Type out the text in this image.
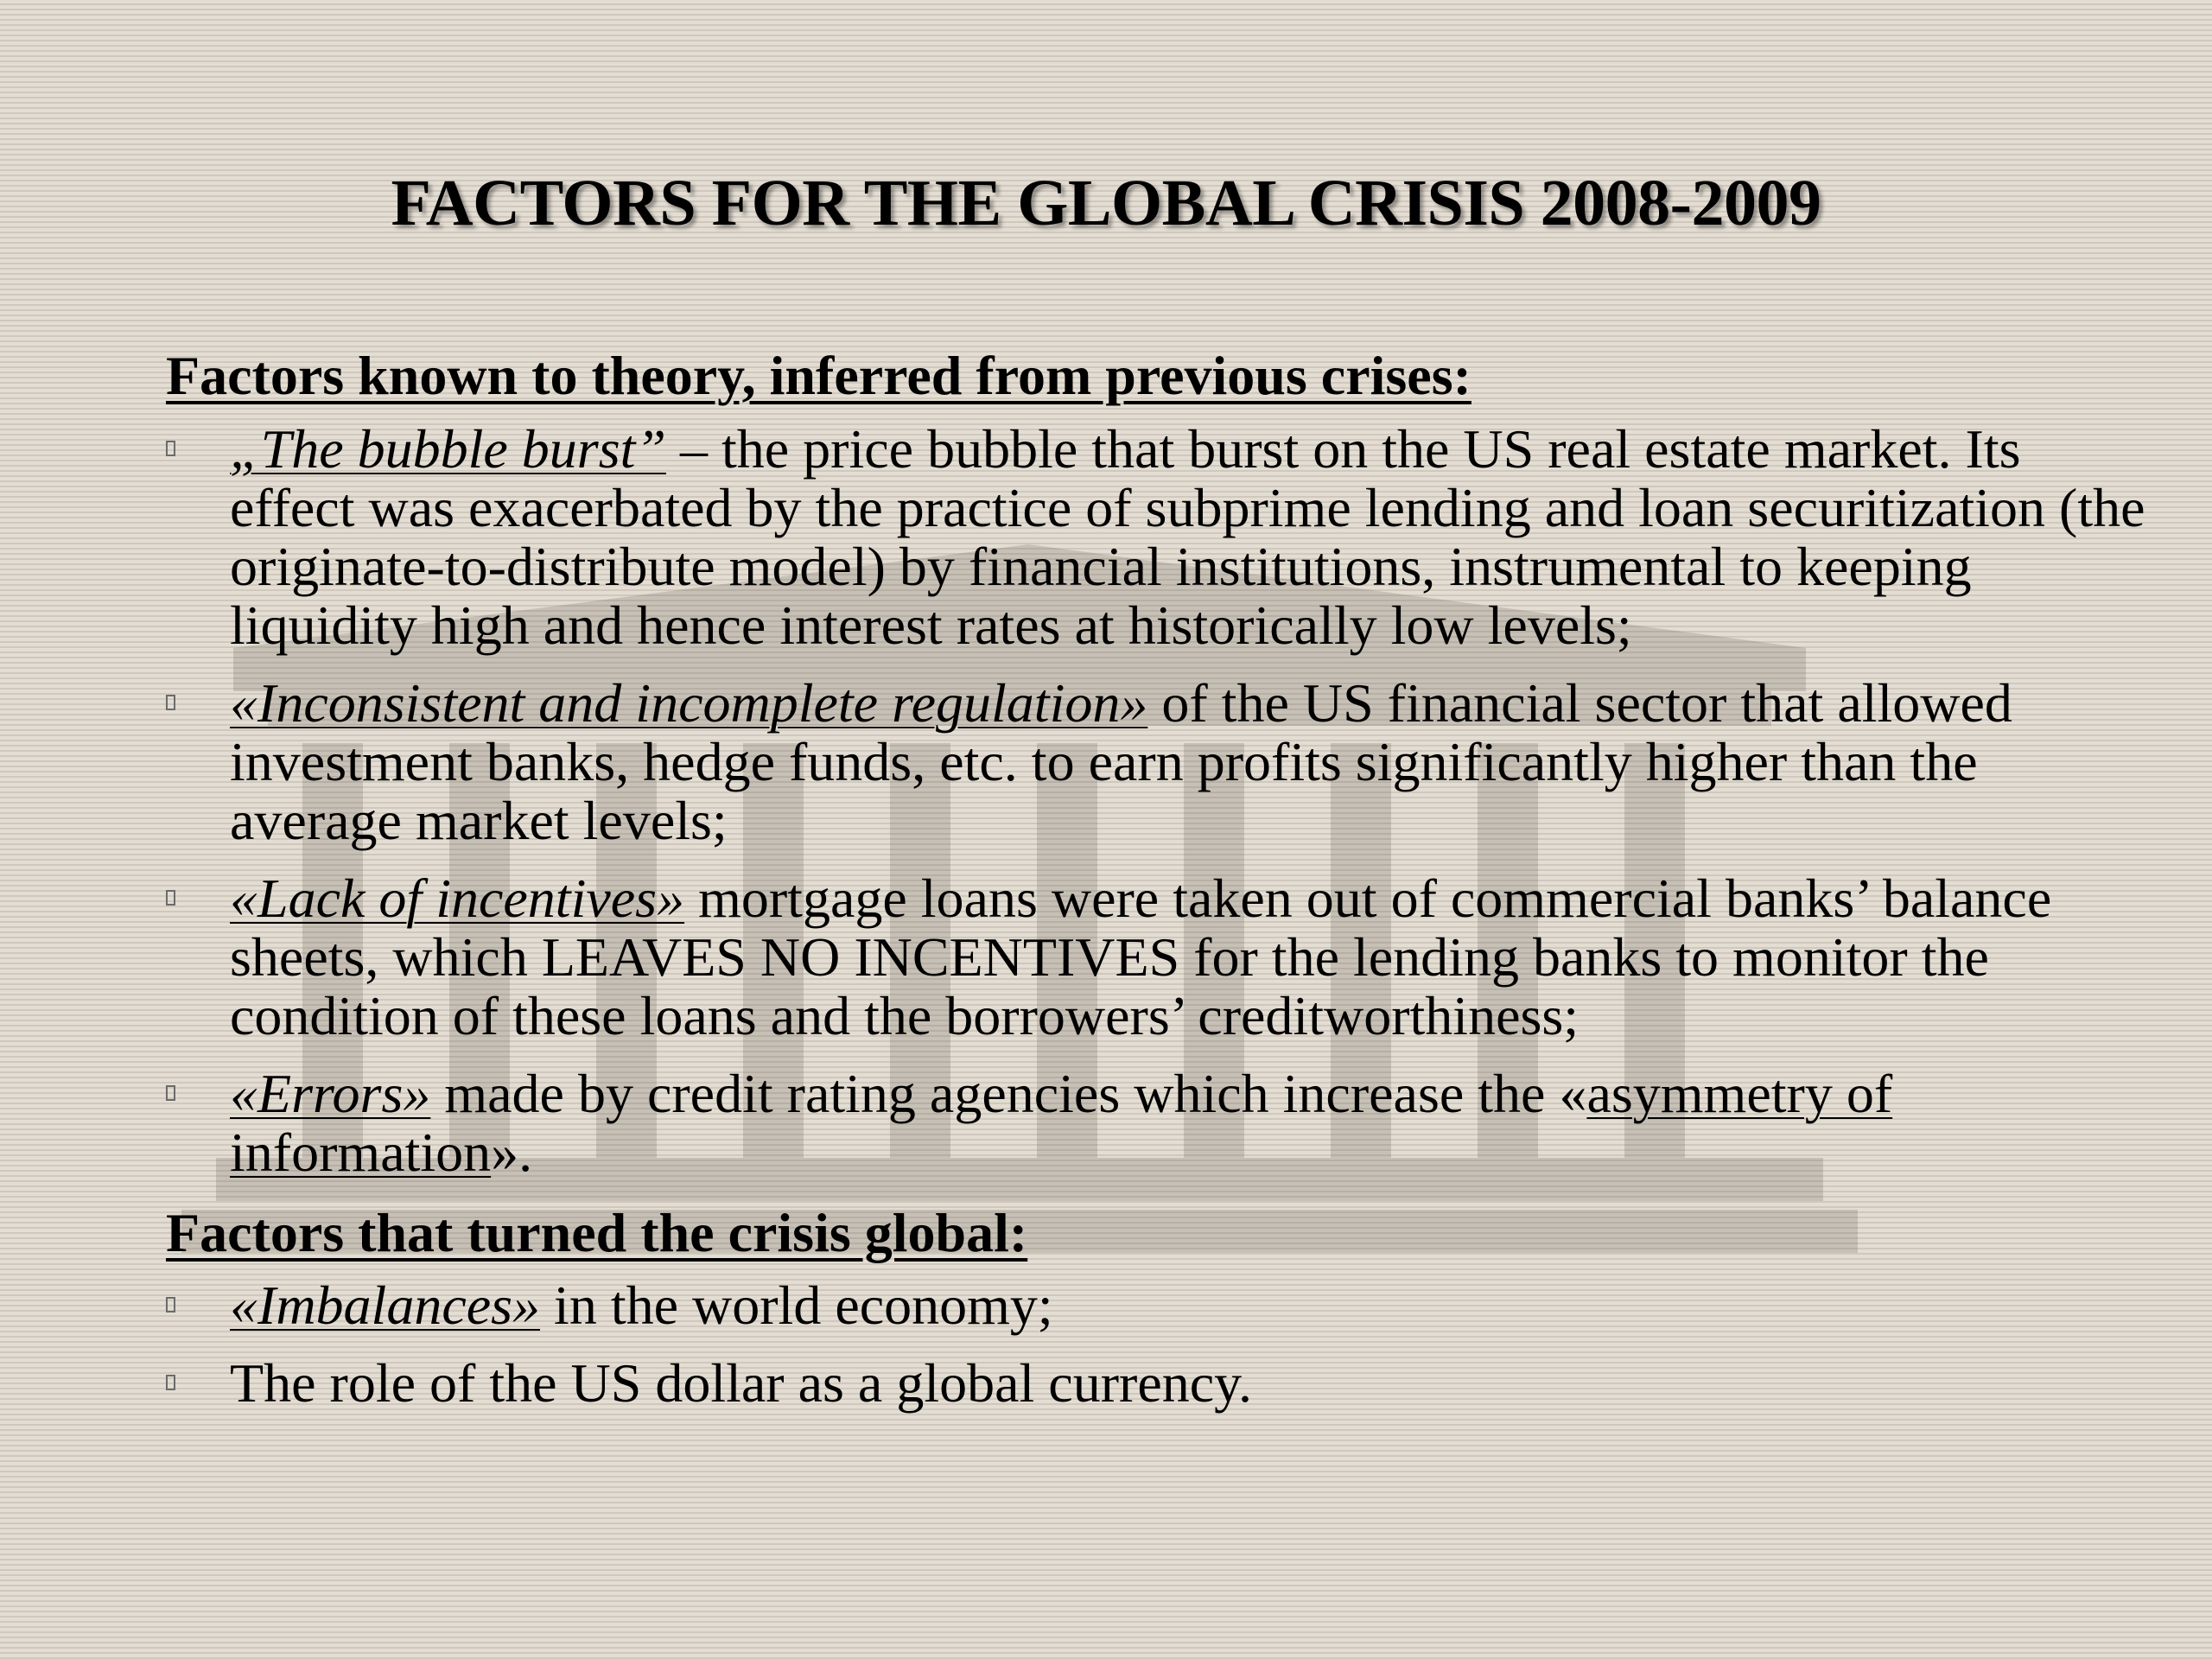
FACTORS FOR THE GLOBAL CRISIS 2008-2009
Factors known to theory, inferred from previous crises:
„The bubble burst” – the price bubble that burst on the US real estate market. Its effect was exacerbated by the practice of subprime lending and loan securitization (the originate-to-distribute model) by financial institutions, instrumental to keeping liquidity high and hence interest rates at historically low levels;
«Inconsistent and incomplete regulation» of the US financial sector that allowed investment banks, hedge funds, etc. to earn profits significantly higher than the average market levels;
«Lack of incentives» mortgage loans were taken out of commercial banks’ balance sheets, which LEAVES NO INCENTIVES for the lending banks to monitor the condition of these loans and the borrowers’ creditworthiness;
«Errors» made by credit rating agencies which increase the «asymmetry of information».
Factors that turned the crisis global:
«Imbalances» in the world economy;
The role of the US dollar as a global currency.
